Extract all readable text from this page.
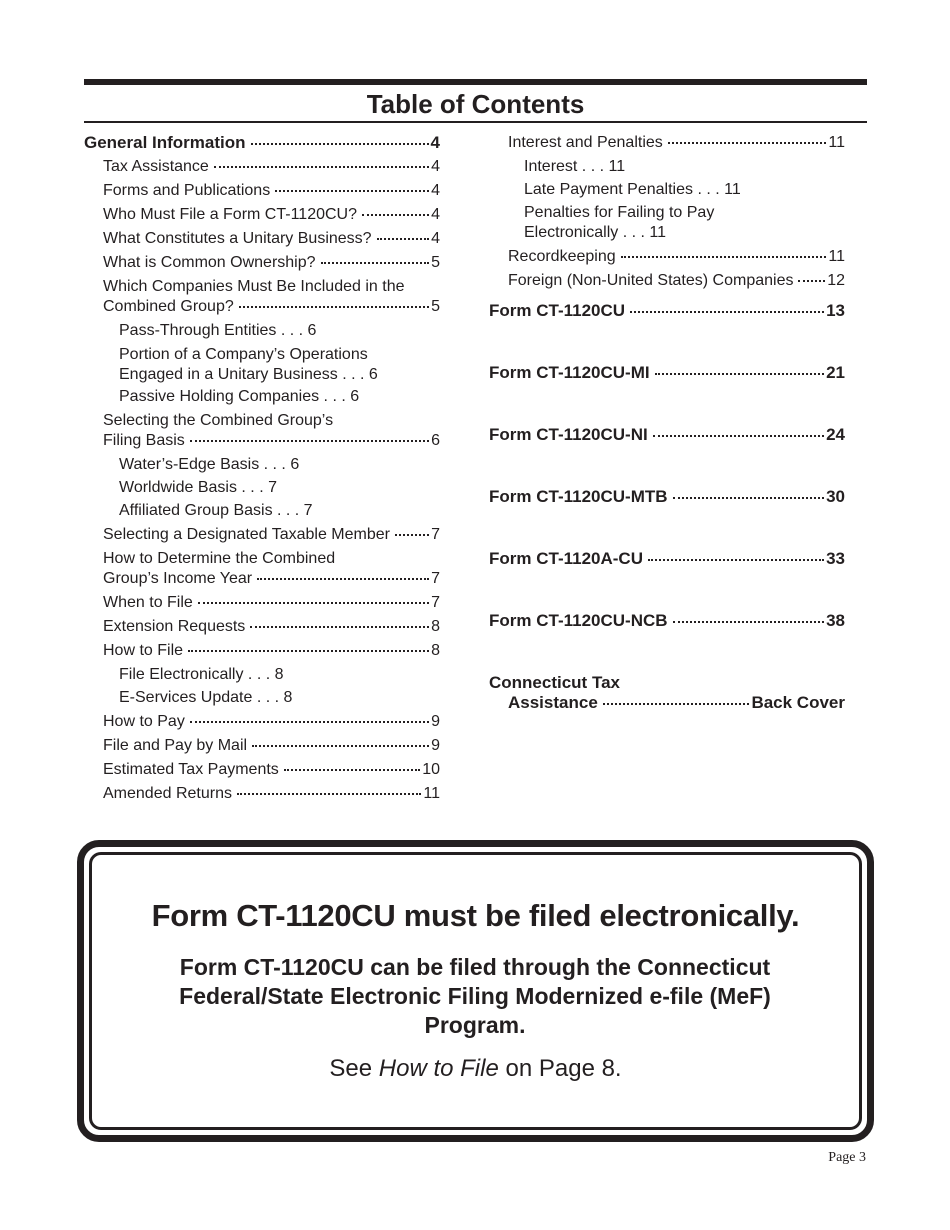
Table of Contents
General Information	4
Tax Assistance	4
Forms and Publications	4
Who Must File a Form CT-1120CU?	4
What Constitutes a Unitary Business?	4
What is Common Ownership?	5
Which Companies Must Be Included in the
Combined Group?	5
Pass-Through Entities . . . 6
Portion of a Company’s Operations
Engaged in a Unitary Business . . . 6
Passive Holding Companies . . . 6
Selecting the Combined Group’s
Filing Basis	6
Water’s-Edge Basis . . . 6
Worldwide Basis . . . 7
Affiliated Group Basis . . . 7
Selecting a Designated Taxable Member	7
How to Determine the Combined
Group’s Income Year	7
When to File	7
Extension Requests	8
How to File	8
File Electronically . . . 8
E-Services Update . . . 8
How to Pay	9
File and Pay by Mail	9
Estimated Tax Payments	10
Amended Returns	11
Interest and Penalties	11
Interest . . . 11
Late Payment Penalties . . . 11
Penalties for Failing to Pay
Electronically . . . 11
Recordkeeping	11
Foreign (Non-United States) Companies 12
Form CT-1120CU	13
Form CT-1120CU-MI	21
Form CT-1120CU-NI	24
Form CT-1120CU-MTB	30
Form CT-1120A-CU	33
Form CT-1120CU-NCB	38
Connecticut Tax
Assistance	Back Cover
Form CT-1120CU must be filed electronically.
Form CT-1120CU can be filed through the Connecticut Federal/State Electronic Filing Modernized e-file (MeF) Program.
See How to File on Page 8.
Page 3
